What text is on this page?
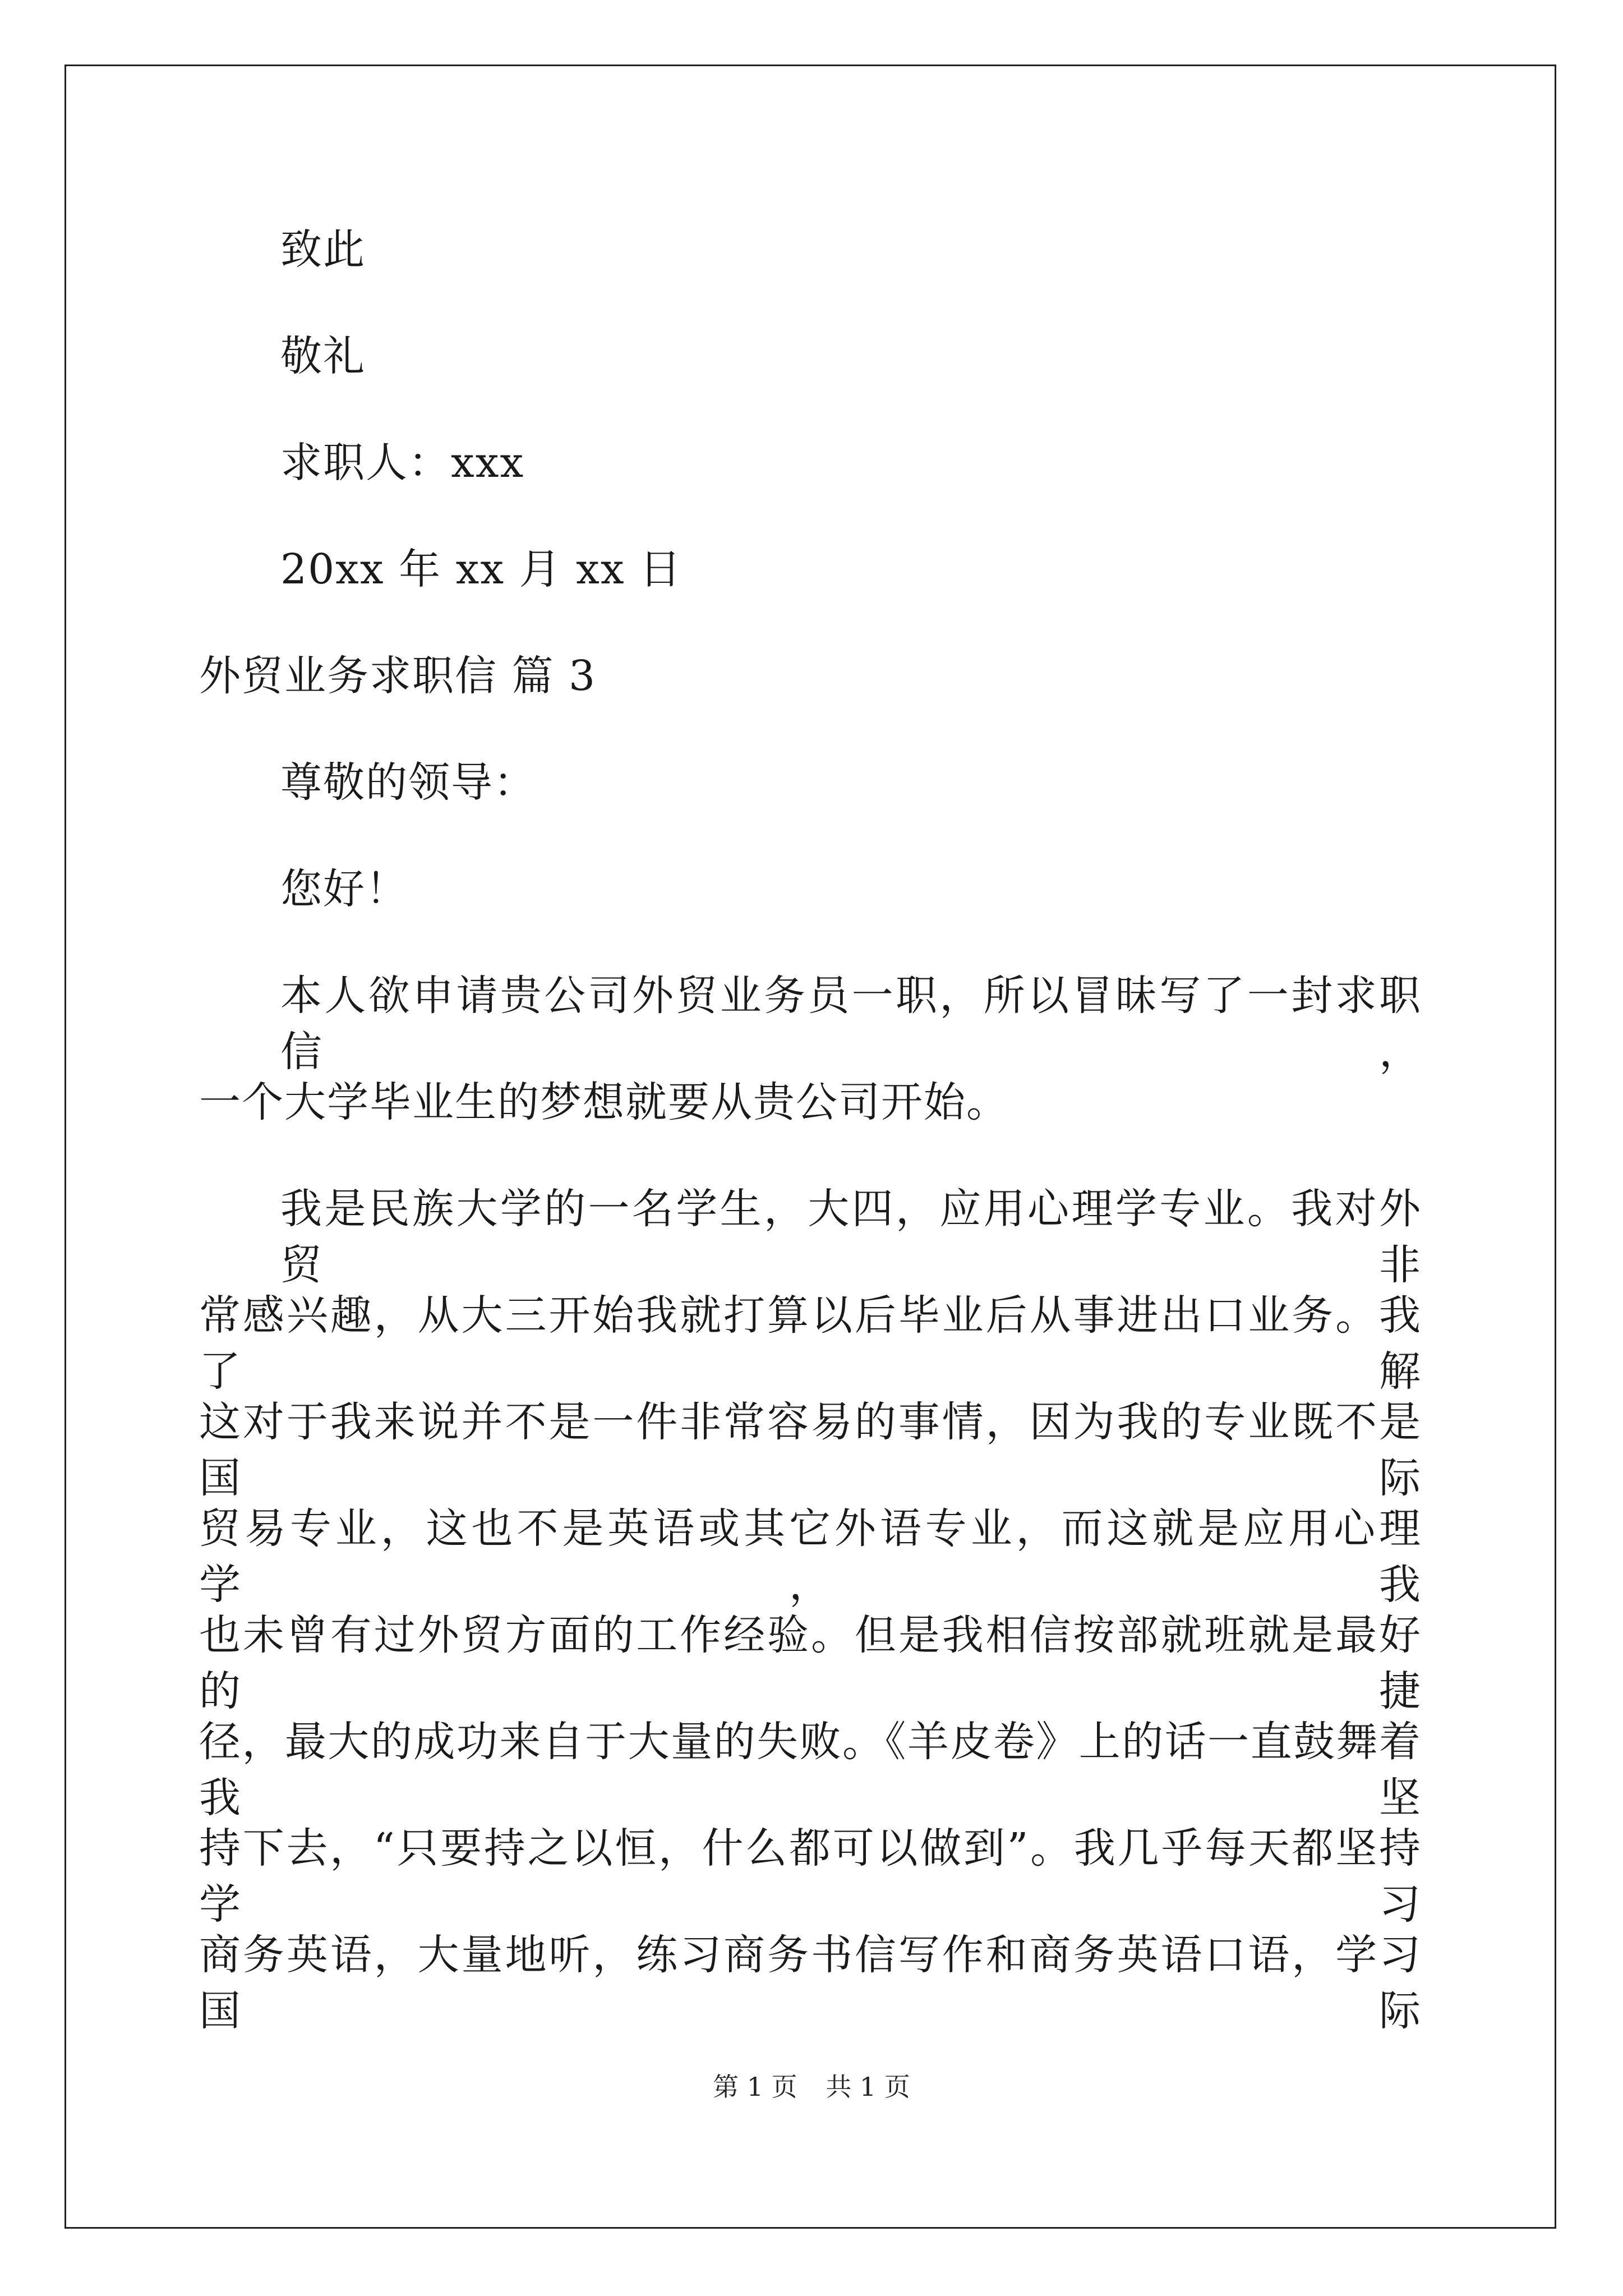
致此
敬礼
求职人：xxx
20xx 年 xx 月 xx 日
外贸业务求职信 篇 3
尊敬的领导：
您好！
本人欲申请贵公司外贸业务员一职，所以冒昧写了一封求职信，
一个大学毕业生的梦想就要从贵公司开始。
我是民族大学的一名学生，大四，应用心理学专业。我对外贸非
常感兴趣，从大三开始我就打算以后毕业后从事进出口业务。我了解
这对于我来说并不是一件非常容易的事情，因为我的专业既不是国际
贸易专业，这也不是英语或其它外语专业，而这就是应用心理学，我
也未曾有过外贸方面的工作经验。但是我相信按部就班就是最好的捷
径，最大的成功来自于大量的失败。《羊皮卷》上的话一直鼓舞着我坚
持下去，“只要持之以恒，什么都可以做到”。我几乎每天都坚持学习
商务英语，大量地听，练习商务书信写作和商务英语口语，学习国际
第 1 页 共 1 页
